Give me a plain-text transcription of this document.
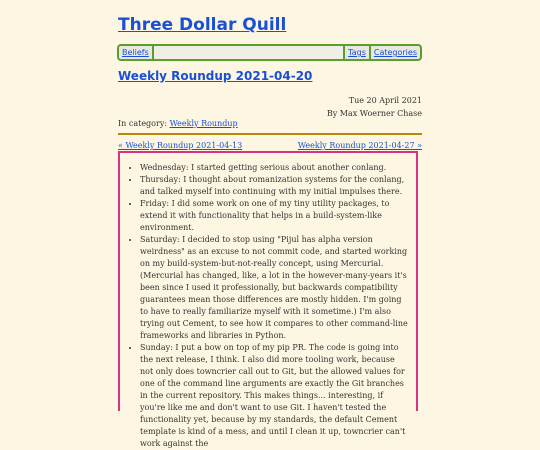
Three Dollar Quill
Beliefs	Tags	Categories
Weekly Roundup 2021-04-20
Tue 20 April 2021
By Max Woerner Chase
In category: Weekly Roundup
« Weekly Roundup 2021-04-13	Weekly Roundup 2021-04-27 »
• Wednesday: I started getting serious about another conlang.
• Thursday: I thought about romanization systems for the conlang, and talked myself into continuing with my initial impulses there.
• Friday: I did some work on one of my tiny utility packages, to extend it with functionality that helps in a build-system-like environment.
• Saturday: I decided to stop using "Pijul has alpha version weirdness" as an excuse to not commit code, and started working on my build-system-but-not-really concept, using Mercurial. (Mercurial has changed, like, a lot in the however-many-years it's been since I used it professionally, but backwards compatibility guarantees mean those differences are mostly hidden. I'm going to have to really familiarize myself with it sometime.) I'm also trying out Cement, to see how it compares to other command-line frameworks and libraries in Python.
• Sunday: I put a bow on top of my pip PR. The code is going into the next release, I think. I also did more tooling work, because not only does towncrier call out to Git, but the allowed values for one of the command line arguments are exactly the Git branches in the current repository. This makes things... interesting, if you're like me and don't want to use Git. I haven't tested the functionality yet, because by my standards, the default Cement template is kind of a mess, and until I clean it up, towncrier can't work against the
